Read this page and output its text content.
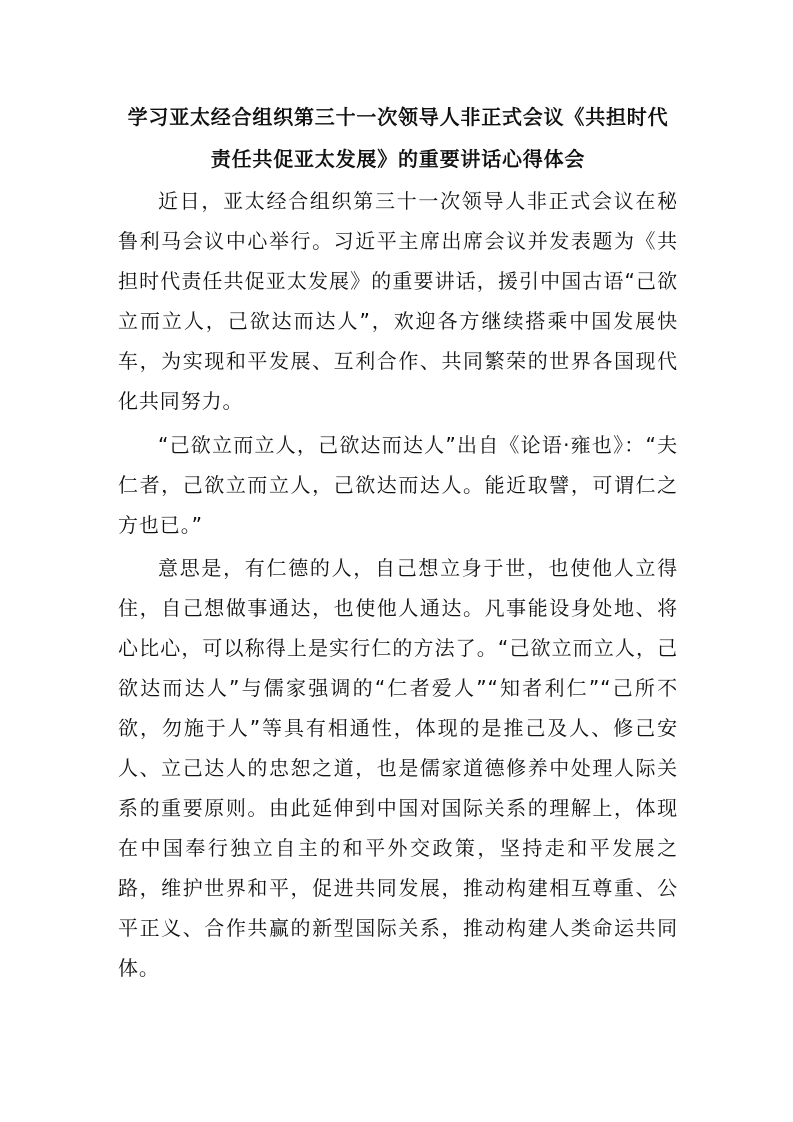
学习亚太经合组织第三十一次领导人非正式会议《共担时代
责任共促亚太发展》的重要讲话心得体会
近日，亚太经合组织第三十一次领导人非正式会议在秘鲁利马会议中心举行。习近平主席出席会议并发表题为《共担时代责任共促亚太发展》的重要讲话，援引中国古语“己欲立而立人，己欲达而达人”，欢迎各方继续搭乘中国发展快车，为实现和平发展、互利合作、共同繁荣的世界各国现代化共同努力。
“己欲立而立人，己欲达而达人”出自《论语·雍也》：“夫仁者，己欲立而立人，己欲达而达人。能近取譬，可谓仁之方也已。”
意思是，有仁德的人，自己想立身于世，也使他人立得住，自己想做事通达，也使他人通达。凡事能设身处地、将心比心，可以称得上是实行仁的方法了。“己欲立而立人，己欲达而达人”与儒家强调的“仁者爱人”“知者利仁”“己所不欲，勿施于人”等具有相通性，体现的是推己及人、修己安人、立己达人的忠恕之道，也是儒家道德修养中处理人际关系的重要原则。由此延伸到中国对国际关系的理解上，体现在中国奉行独立自主的和平外交政策，坚持走和平发展之路，维护世界和平，促进共同发展，推动构建相互尊重、公平正义、合作共赢的新型国际关系，推动构建人类命运共同体。
